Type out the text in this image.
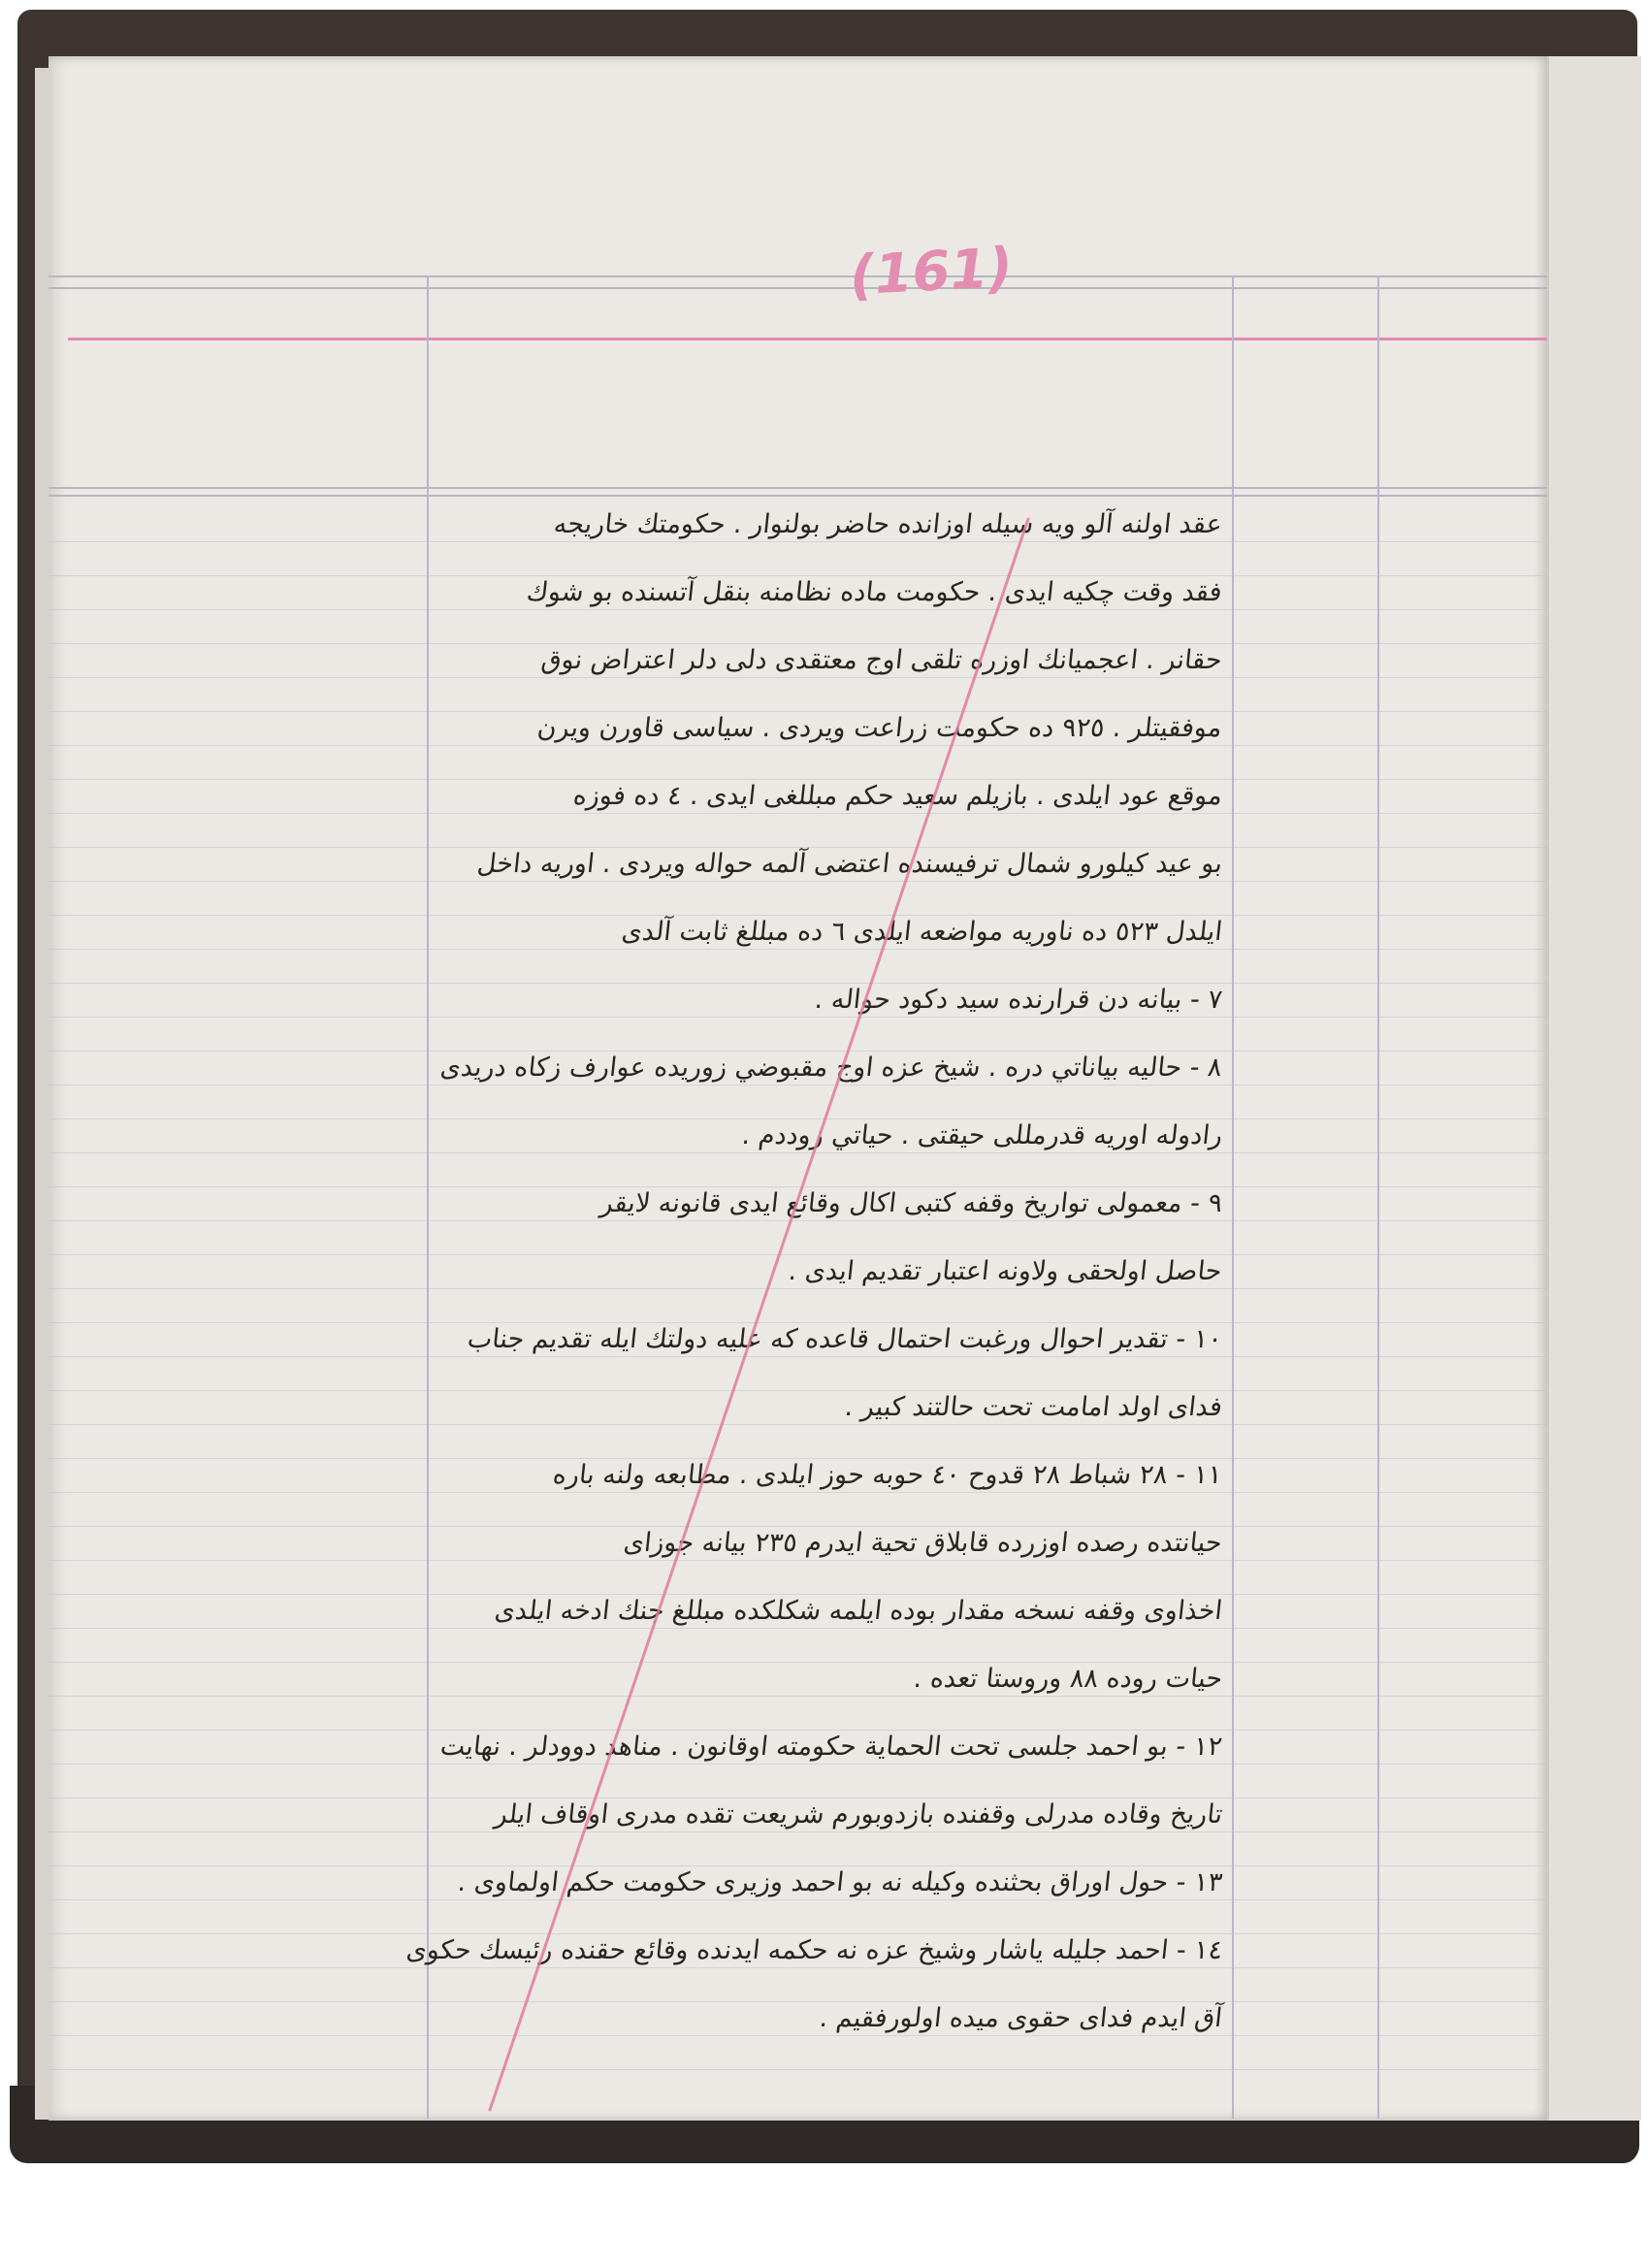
(161)
عقد اولنه آلو ويه سيله اوزانده حاضر بولنوار . حكومتك خاريجه
فقد وقت چكيه ايدى . حكومت ماده نظامنه بنقل آتسنده بو شوك
حقانر . اعجميانك اوزره تلقى اوج معتقدى دلى دلر اعتراض نوق
موفقيتلر . ٩٢٥ ده حكومت زراعت ويردى . سياسى قاورن ويرن
موقع عود ايلدى . بازيلم سعيد حكم مبللغى ايدى . ٤ ده فوزه
بو عيد كيلورو شمال ترفيسنده اعتضى آلمه حواله ويردى . اوريه داخل
ايلدل ٥٢٣ ده ناوريه مواضعه ايلدى ٦ ده مبللغ ثابت آلدى
٧ - بيانه دن قرارنده سيد دكود حواله .
٨ - حاليه بياناتي دره . شيخ عزه اوج مقبوضي زوريده عوارف زكاه دريدى
رادوله اوريه قدرمللى حيقتى . حياتي زوددم .
٩ - معمولى تواريخ وقفه كتبى اكال وقائع ايدى قانونه لايقر
حاصل اولحقى ولاونه اعتبار تقديم ايدى .
١٠ - تقدير احوال ورغبت احتمال قاعده كه عليه دولتك ايله تقديم جناب
فداى اولد امامت تحت حالتند كبير .
١١ - ٢٨ شباط ٢٨ قدوح ٤٠ حوبه حوز ايلدى . مطابعه ولنه باره
حيانتده رصده اوزرده قابلاق تحية ايدرم ٢٣٥ بيانه جوزاى
اخذاوى وقفه نسخه مقدار بوده ايلمه شكلكده مبللغ جنك ادخه ايلدى
حيات روده ٨٨ وروستا تعده .
١٢ - بو احمد جلسى تحت الحماية حكومته اوقانون . مناهد دوودلر . نهايت
تاريخ وقاده مدرلى وقفنده بازدوبورم شريعت تقده مدرى اوقاف ايلر
١٣ - حول اوراق بحثنده وكيله نه بو احمد وزيرى حكومت حكم اولماوى .
١٤ - احمد جليله ياشار وشيخ عزه نه حكمه ايدنده وقائع حقنده رئيسك حكوى
آق ايدم فداى حقوى ميده اولورفقيم .
